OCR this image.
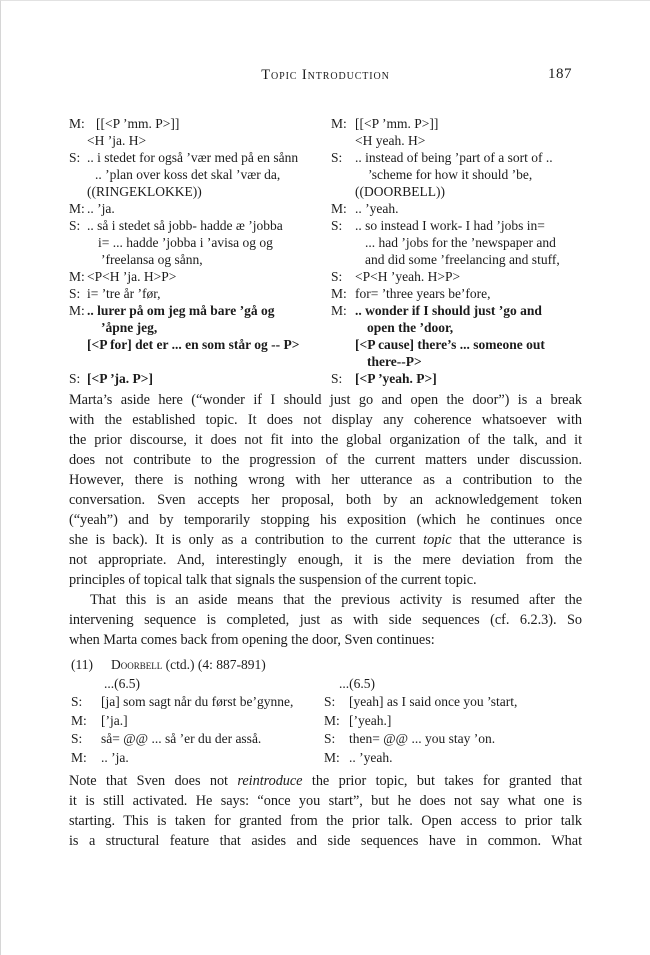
Topic Introduction	187
M: [[<P ’mm. P>]]	M: [[<P ’mm. P>]]
<H ’ja. H>	<H yeah. H>
S: .. i stedet for også ’vær med på en sånn	S: .. instead of being ’part of a sort of ..
.. ’plan over koss det skal ’vær da,	’scheme for how it should ’be,
((RINGEKLOKKE))	((DOORBELL))
M: .. ’ja.	M: .. ’yeah.
S: .. så i stedet så jobb- hadde æ ’jobba	S: .. so instead I work- I had ’jobs in=
i= ... hadde ’jobba i ’avisa og og	... had ’jobs for the ’newspaper and
’freelansa og sånn,	and did some ’freelancing and stuff,
M: <P<H ’ja. H>P>	S: <P<H ’yeah. H>P>
S: i= ’tre år ’før,	M: for= ’three years be’fore,
M: .. lurer på om jeg må bare ’gå og	M: .. wonder if I should just ’go and
’åpne jeg,	open the ’door,
[<P for] det er ... en som står og -- P>	[<P cause] there’s ... someone out
there--P>
S: [<P ’ja. P>]	S: [<P ’yeah. P>]
Marta’s aside here (“wonder if I should just go and open the door”) is a break
with the established topic. It does not display any coherence whatsoever with
the prior discourse, it does not fit into the global organization of the talk, and it
does not contribute to the progression of the current matters under discussion.
However, there is nothing wrong with her utterance as a contribution to the
conversation. Sven accepts her proposal, both by an acknowledgement token
(“yeah”) and by temporarily stopping his exposition (which he continues once
she is back). It is only as a contribution to the current topic that the utterance is
not appropriate. And, interestingly enough, it is the mere deviation from the
principles of topical talk that signals the suspension of the current topic.
That this is an aside means that the previous activity is resumed after the
intervening sequence is completed, just as with side sequences (cf. 6.2.3). So
when Marta comes back from opening the door, Sven continues:
(11) Doorbell (ctd.) (4: 887-891)
...(6.5)	...(6.5)
S:	[ja] som sagt når du først be’gynne,	S:	[yeah] as I said once you ’start,
M:	[’ja.]	M: [’yeah.]
S:	så= @@ ... så ’er du der asså.	S:	then= @@ ... you stay ’on.
M:	.. ’ja.	M: .. ’yeah.
Note that Sven does not reintroduce the prior topic, but takes for granted that
it is still activated. He says: “once you start”, but he does not say what one is
starting. This is taken for granted from the prior talk. Open access to prior talk
is a structural feature that asides and side sequences have in common. What
